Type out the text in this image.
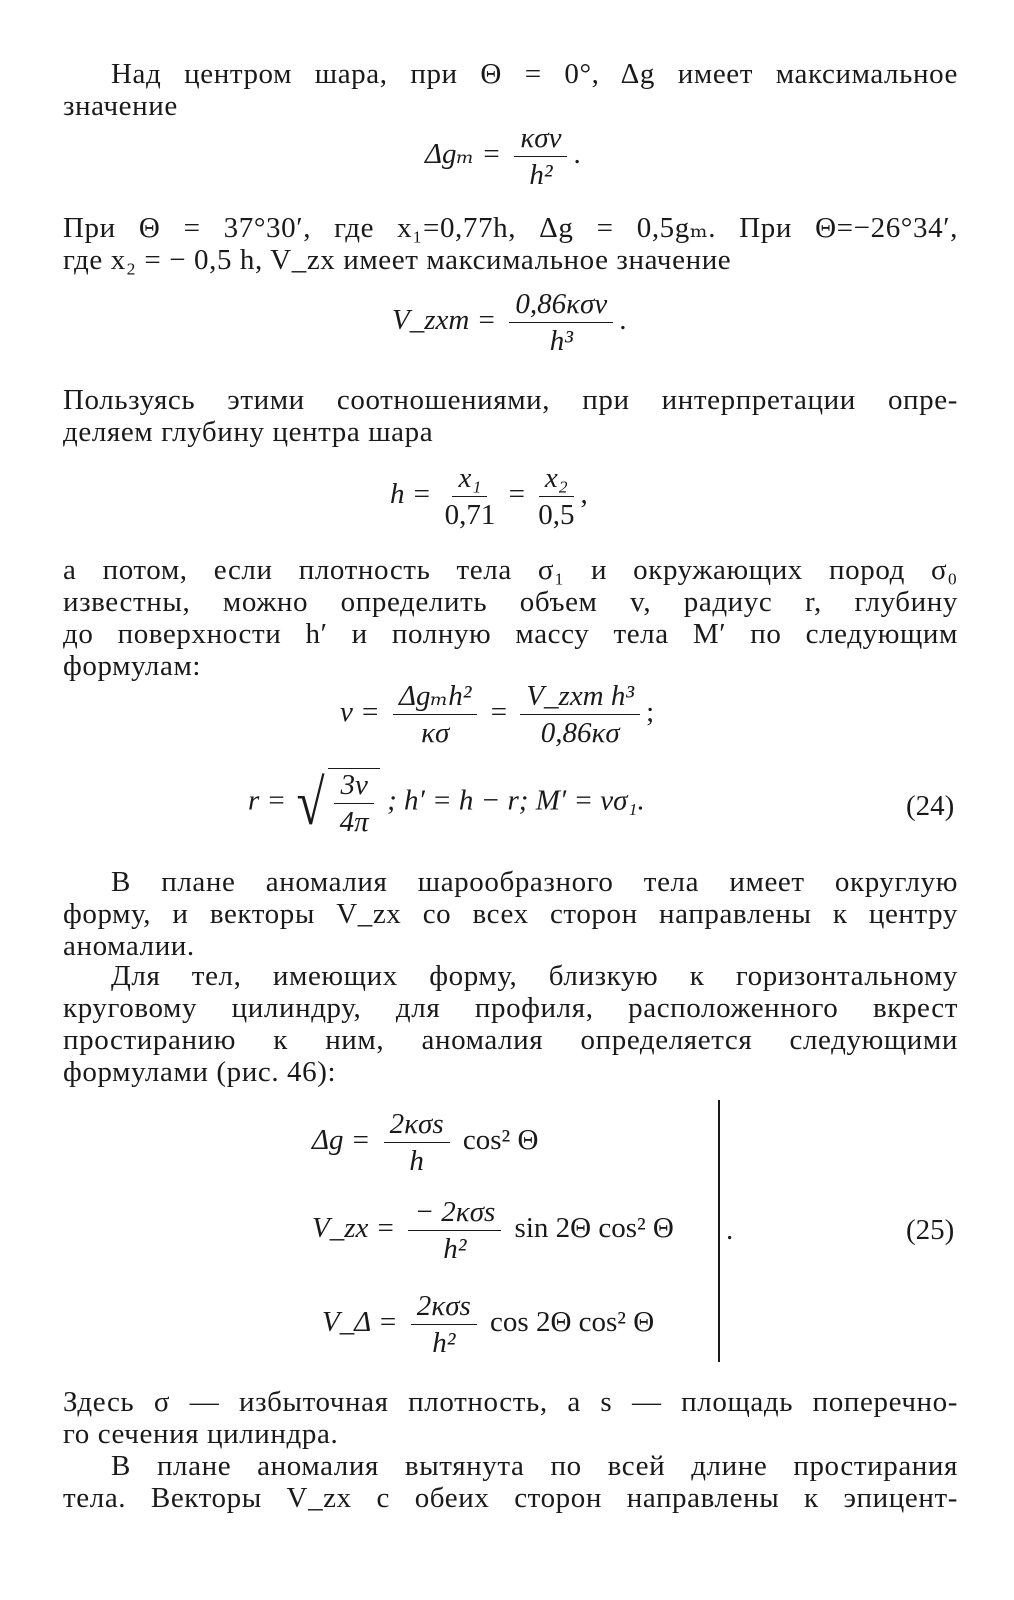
Над центром шара, при Θ = 0°, Δg имеет максимальное
значение

$\Delta g_m = \frac{\text{κσv}}{\text{h²}}$ .

При Θ = 37°30′, где x₁=0,77h, Δg = 0,5gₘ. При Θ=−26°34′,
где x₂ = − 0,5 h, V_zx имеет максимальное значение

V_zxm = $\frac{\text{0,86κσv}}{\text{h³}}$ .

Пользуясь этими соотношениями, при интерпретации опре-
деляем глубину центра шара

$h = \frac{\text{x₁}}{0,71} = \frac{\text{x₂}}{0,5}$ ,

а потом, если плотность тела σ₁ и окружающих пород σ₀
известны, можно определить объем v, радиус r, глубину
до поверхности h′ и полную массу тела M′ по следующим
формулам:

$v = \frac{\text{Δgₘh²}}{\kappa\sigma} = \frac{\text{V\_zxm h³}}{0,86\kappa\sigma}$ ;
r = √ $\frac{3v}{4\pi}$ ; h′ = h − r; M′ = vσ₁.	(24)

В плане аномалия шарообразного тела имеет округлую
форму, и векторы V_zx со всех сторон направлены к центру
аномалии.

Для тел, имеющих форму, близкую к горизонтальному
круговому цилиндру, для профиля, расположенного вкрест
простиранию к ним, аномалия определяется следующими
формулами (рис. 46):

$\Delta g = \frac{\text{2κσs}}{h} \cos^2$ Θ
V_zx = $\frac{\text{− 2κσs}}{\text{h²}}$ sin 2Θ cos² Θ .	(25)
V_Δ = $\frac{\text{2κσs}}{\text{h²}}$ cos 2Θ cos² Θ

Здесь σ — избыточная плотность, а s — площадь поперечно-
го сечения цилиндра.

В плане аномалия вытянута по всей длине простирания
тела. Векторы V_zx с обеих сторон направлены к эпицент-
